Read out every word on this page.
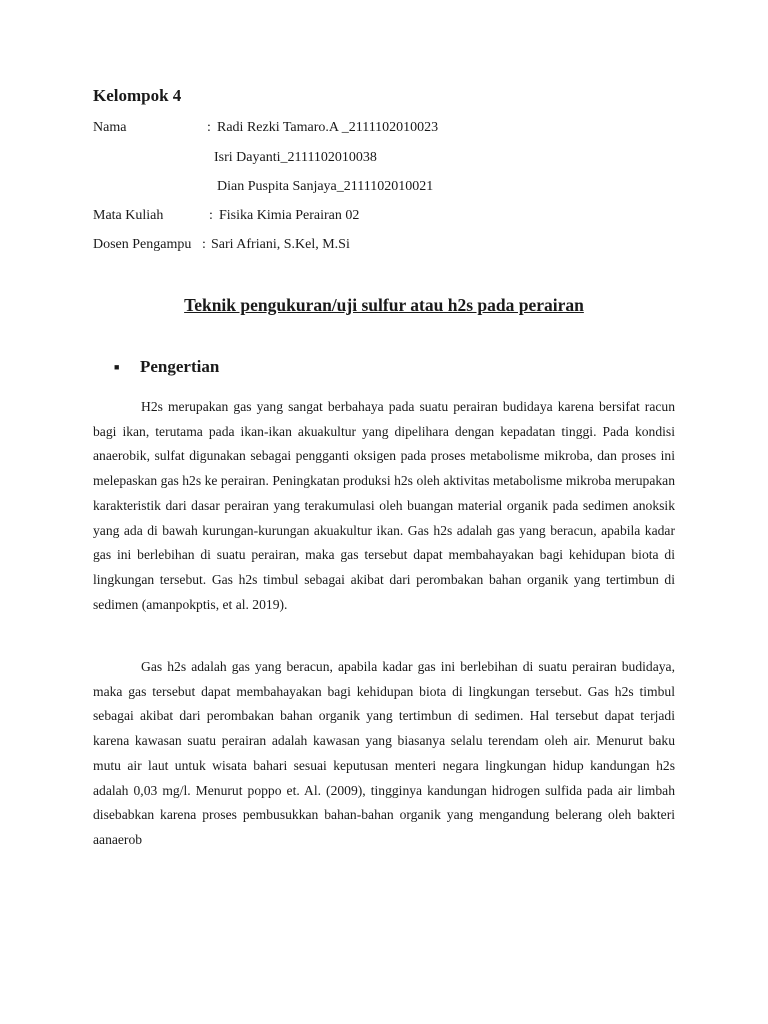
Kelompok 4
Nama	: Radi Rezki Tamaro.A _2111102010023
Isri Dayanti_2111102010038
Dian Puspita Sanjaya_2111102010021
Mata Kuliah	: Fisika Kimia Perairan 02
Dosen Pengampu : Sari Afriani, S.Kel, M.Si
Teknik pengukuran/uji sulfur atau h2s pada perairan
■ Pengertian

H2s merupakan gas yang sangat berbahaya pada suatu perairan budidaya karena bersifat racun bagi ikan, terutama pada ikan-ikan akuakultur yang dipelihara dengan kepadatan tinggi. Pada kondisi anaerobik, sulfat digunakan sebagai pengganti oksigen pada proses metabolisme mikroba, dan proses ini melepaskan gas h2s ke perairan. Peningkatan produksi h2s oleh aktivitas metabolisme mikroba merupakan karakteristik dari dasar perairan yang terakumulasi oleh buangan material organik pada sedimen anoksik yang ada di bawah kurungan-kurungan akuakultur ikan. Gas h2s adalah gas yang beracun, apabila kadar gas ini berlebihan di suatu perairan, maka gas tersebut dapat membahayakan bagi kehidupan biota di lingkungan tersebut. Gas h2s timbul sebagai akibat dari perombakan bahan organik yang tertimbun di sedimen (amanpokptis, et al. 2019).

Gas h2s adalah gas yang beracun, apabila kadar gas ini berlebihan di suatu perairan budidaya, maka gas tersebut dapat membahayakan bagi kehidupan biota di lingkungan tersebut. Gas h2s timbul sebagai akibat dari perombakan bahan organik yang tertimbun di sedimen. Hal tersebut dapat terjadi karena kawasan suatu perairan adalah kawasan yang biasanya selalu terendam oleh air. Menurut baku mutu air laut untuk wisata bahari sesuai keputusan menteri negara lingkungan hidup kandungan h2s adalah 0,03 mg/l. Menurut poppo et. Al. (2009), tingginya kandungan hidrogen sulfida pada air limbah disebabkan karena proses pembusukkan bahan-bahan organik yang mengandung belerang oleh bakteri aanaerob
